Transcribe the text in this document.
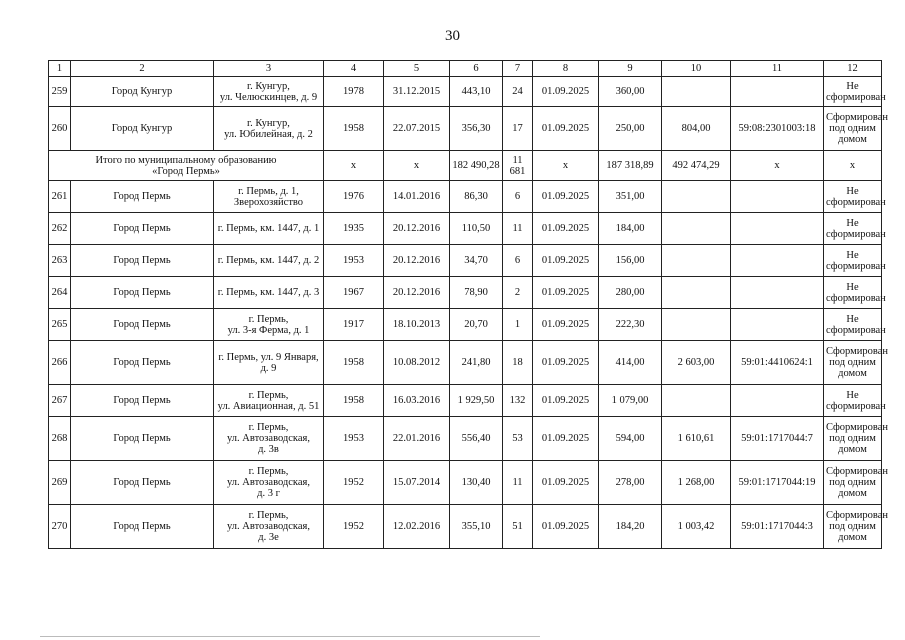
30
1	2	3	4	5	6	7	8	9	10	11	12
259	Город Кунгур	г. Кунгур,
ул. Челюскинцев, д. 9	1978	31.12.2015	443,10	24	01.09.2025	360,00			Не
сформирован
260	Город Кунгур	г. Кунгур,
ул. Юбилейная, д. 2	1958	22.07.2015	356,30	17	01.09.2025	250,00	804,00	59:08:2301003:18	Сформирован
под одним
домом
Итого по муниципальному образованию
«Город Пермь»			х	х	182 490,28	11 681	х	187 318,89	492 474,29	х	х
261	Город Пермь	г. Пермь, д. 1,
Зверохозяйство	1976	14.01.2016	86,30	6	01.09.2025	351,00			Не
сформирован
262	Город Пермь	г. Пермь, км. 1447, д. 1	1935	20.12.2016	110,50	11	01.09.2025	184,00			Не
сформирован
263	Город Пермь	г. Пермь, км. 1447, д. 2	1953	20.12.2016	34,70	6	01.09.2025	156,00			Не
сформирован
264	Город Пермь	г. Пермь, км. 1447, д. 3	1967	20.12.2016	78,90	2	01.09.2025	280,00			Не
сформирован
265	Город Пермь	г. Пермь,
ул. 3-я Ферма, д. 1	1917	18.10.2013	20,70	1	01.09.2025	222,30			Не
сформирован
266	Город Пермь	г. Пермь, ул. 9 Января,
д. 9	1958	10.08.2012	241,80	18	01.09.2025	414,00	2 603,00	59:01:4410624:1	Сформирован
под одним
домом
267	Город Пермь	г. Пермь,
ул. Авиационная, д. 51	1958	16.03.2016	1 929,50	132	01.09.2025	1 079,00			Не
сформирован
268	Город Пермь	г. Пермь,
ул. Автозаводская,
д. 3в	1953	22.01.2016	556,40	53	01.09.2025	594,00	1 610,61	59:01:1717044:7	Сформирован
под одним
домом
269	Город Пермь	г. Пермь,
ул. Автозаводская,
д. 3 г	1952	15.07.2014	130,40	11	01.09.2025	278,00	1 268,00	59:01:1717044:19	Сформирован
под одним
домом
270	Город Пермь	г. Пермь,
ул. Автозаводская,
д. 3е	1952	12.02.2016	355,10	51	01.09.2025	184,20	1 003,42	59:01:1717044:3	Сформирован
под одним
домом
